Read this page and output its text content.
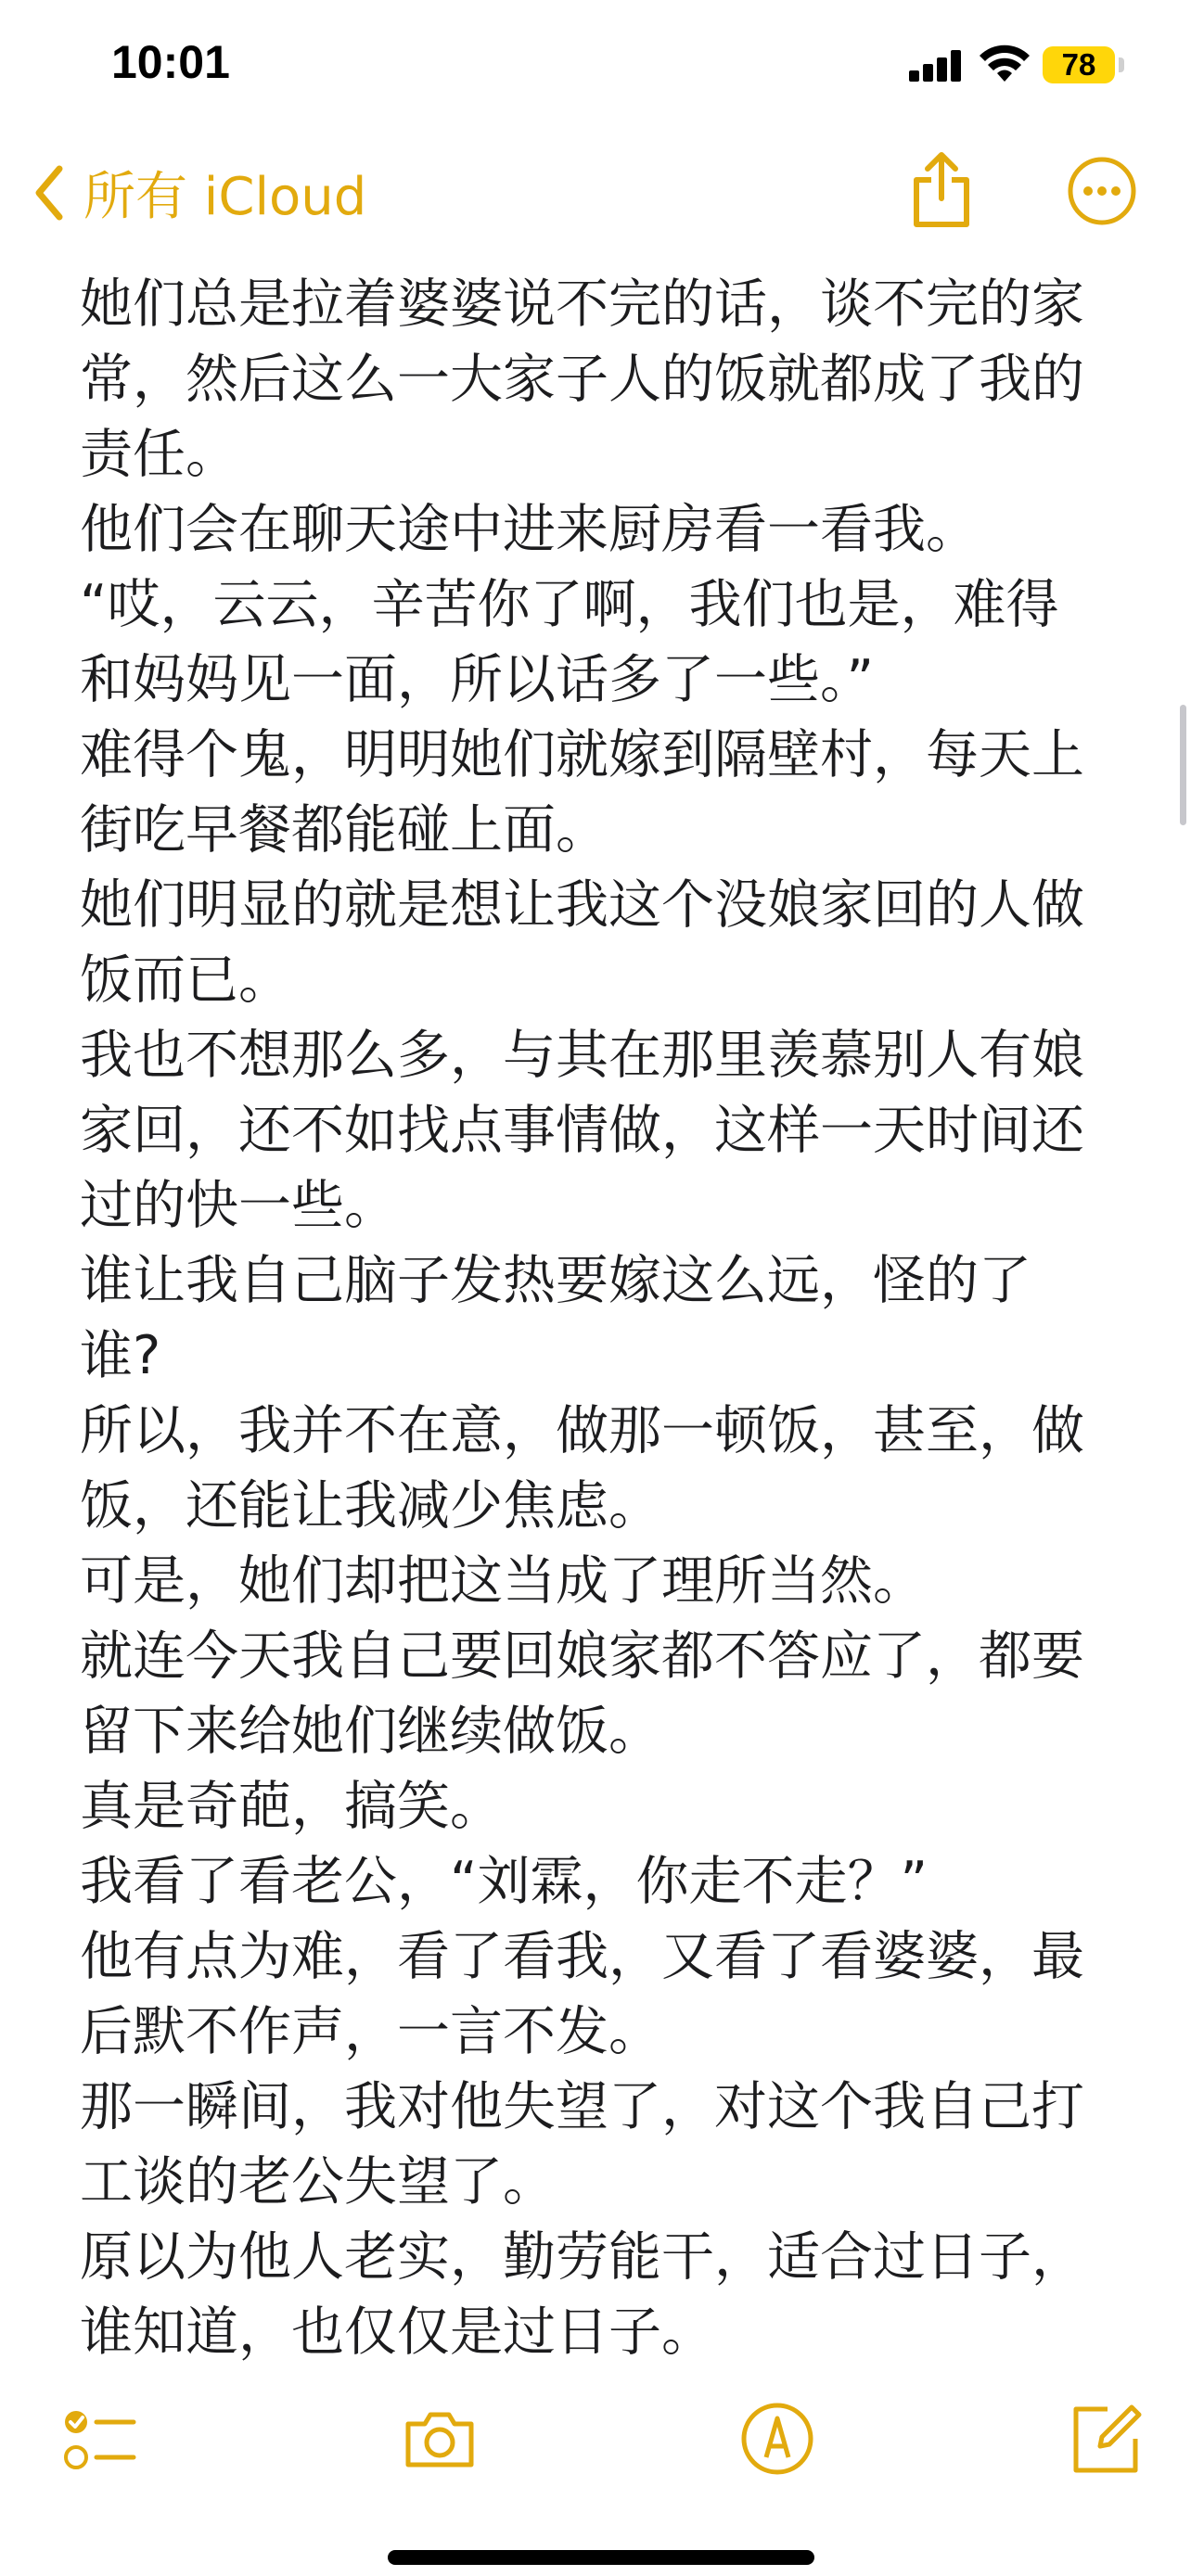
10:01	78
所有 iCloud

她们总是拉着婆婆说不完的话，谈不完的家

常，然后这么一大家子人的饭就都成了我的

责任。

他们会在聊天途中进来厨房看一看我。

“哎，云云，辛苦你了啊，我们也是，难得

和妈妈见一面，所以话多了一些。”

难得个鬼，明明她们就嫁到隔壁村，每天上

街吃早餐都能碰上面。

她们明显的就是想让我这个没娘家回的人做

饭而已。

我也不想那么多，与其在那里羡慕别人有娘

家回，还不如找点事情做，这样一天时间还

过的快一些。

谁让我自己脑子发热要嫁这么远，怪的了

谁?

所以，我并不在意，做那一顿饭，甚至，做

饭，还能让我减少焦虑。

可是，她们却把这当成了理所当然。

就连今天我自己要回娘家都不答应了，都要

留下来给她们继续做饭。

真是奇葩，搞笑。

我看了看老公，“刘霖，你走不走？”

他有点为难，看了看我，又看了看婆婆，最

后默不作声，一言不发。

那一瞬间，我对他失望了，对这个我自己打

工谈的老公失望了。

原以为他人老实，勤劳能干，适合过日子，

谁知道，也仅仅是过日子。
